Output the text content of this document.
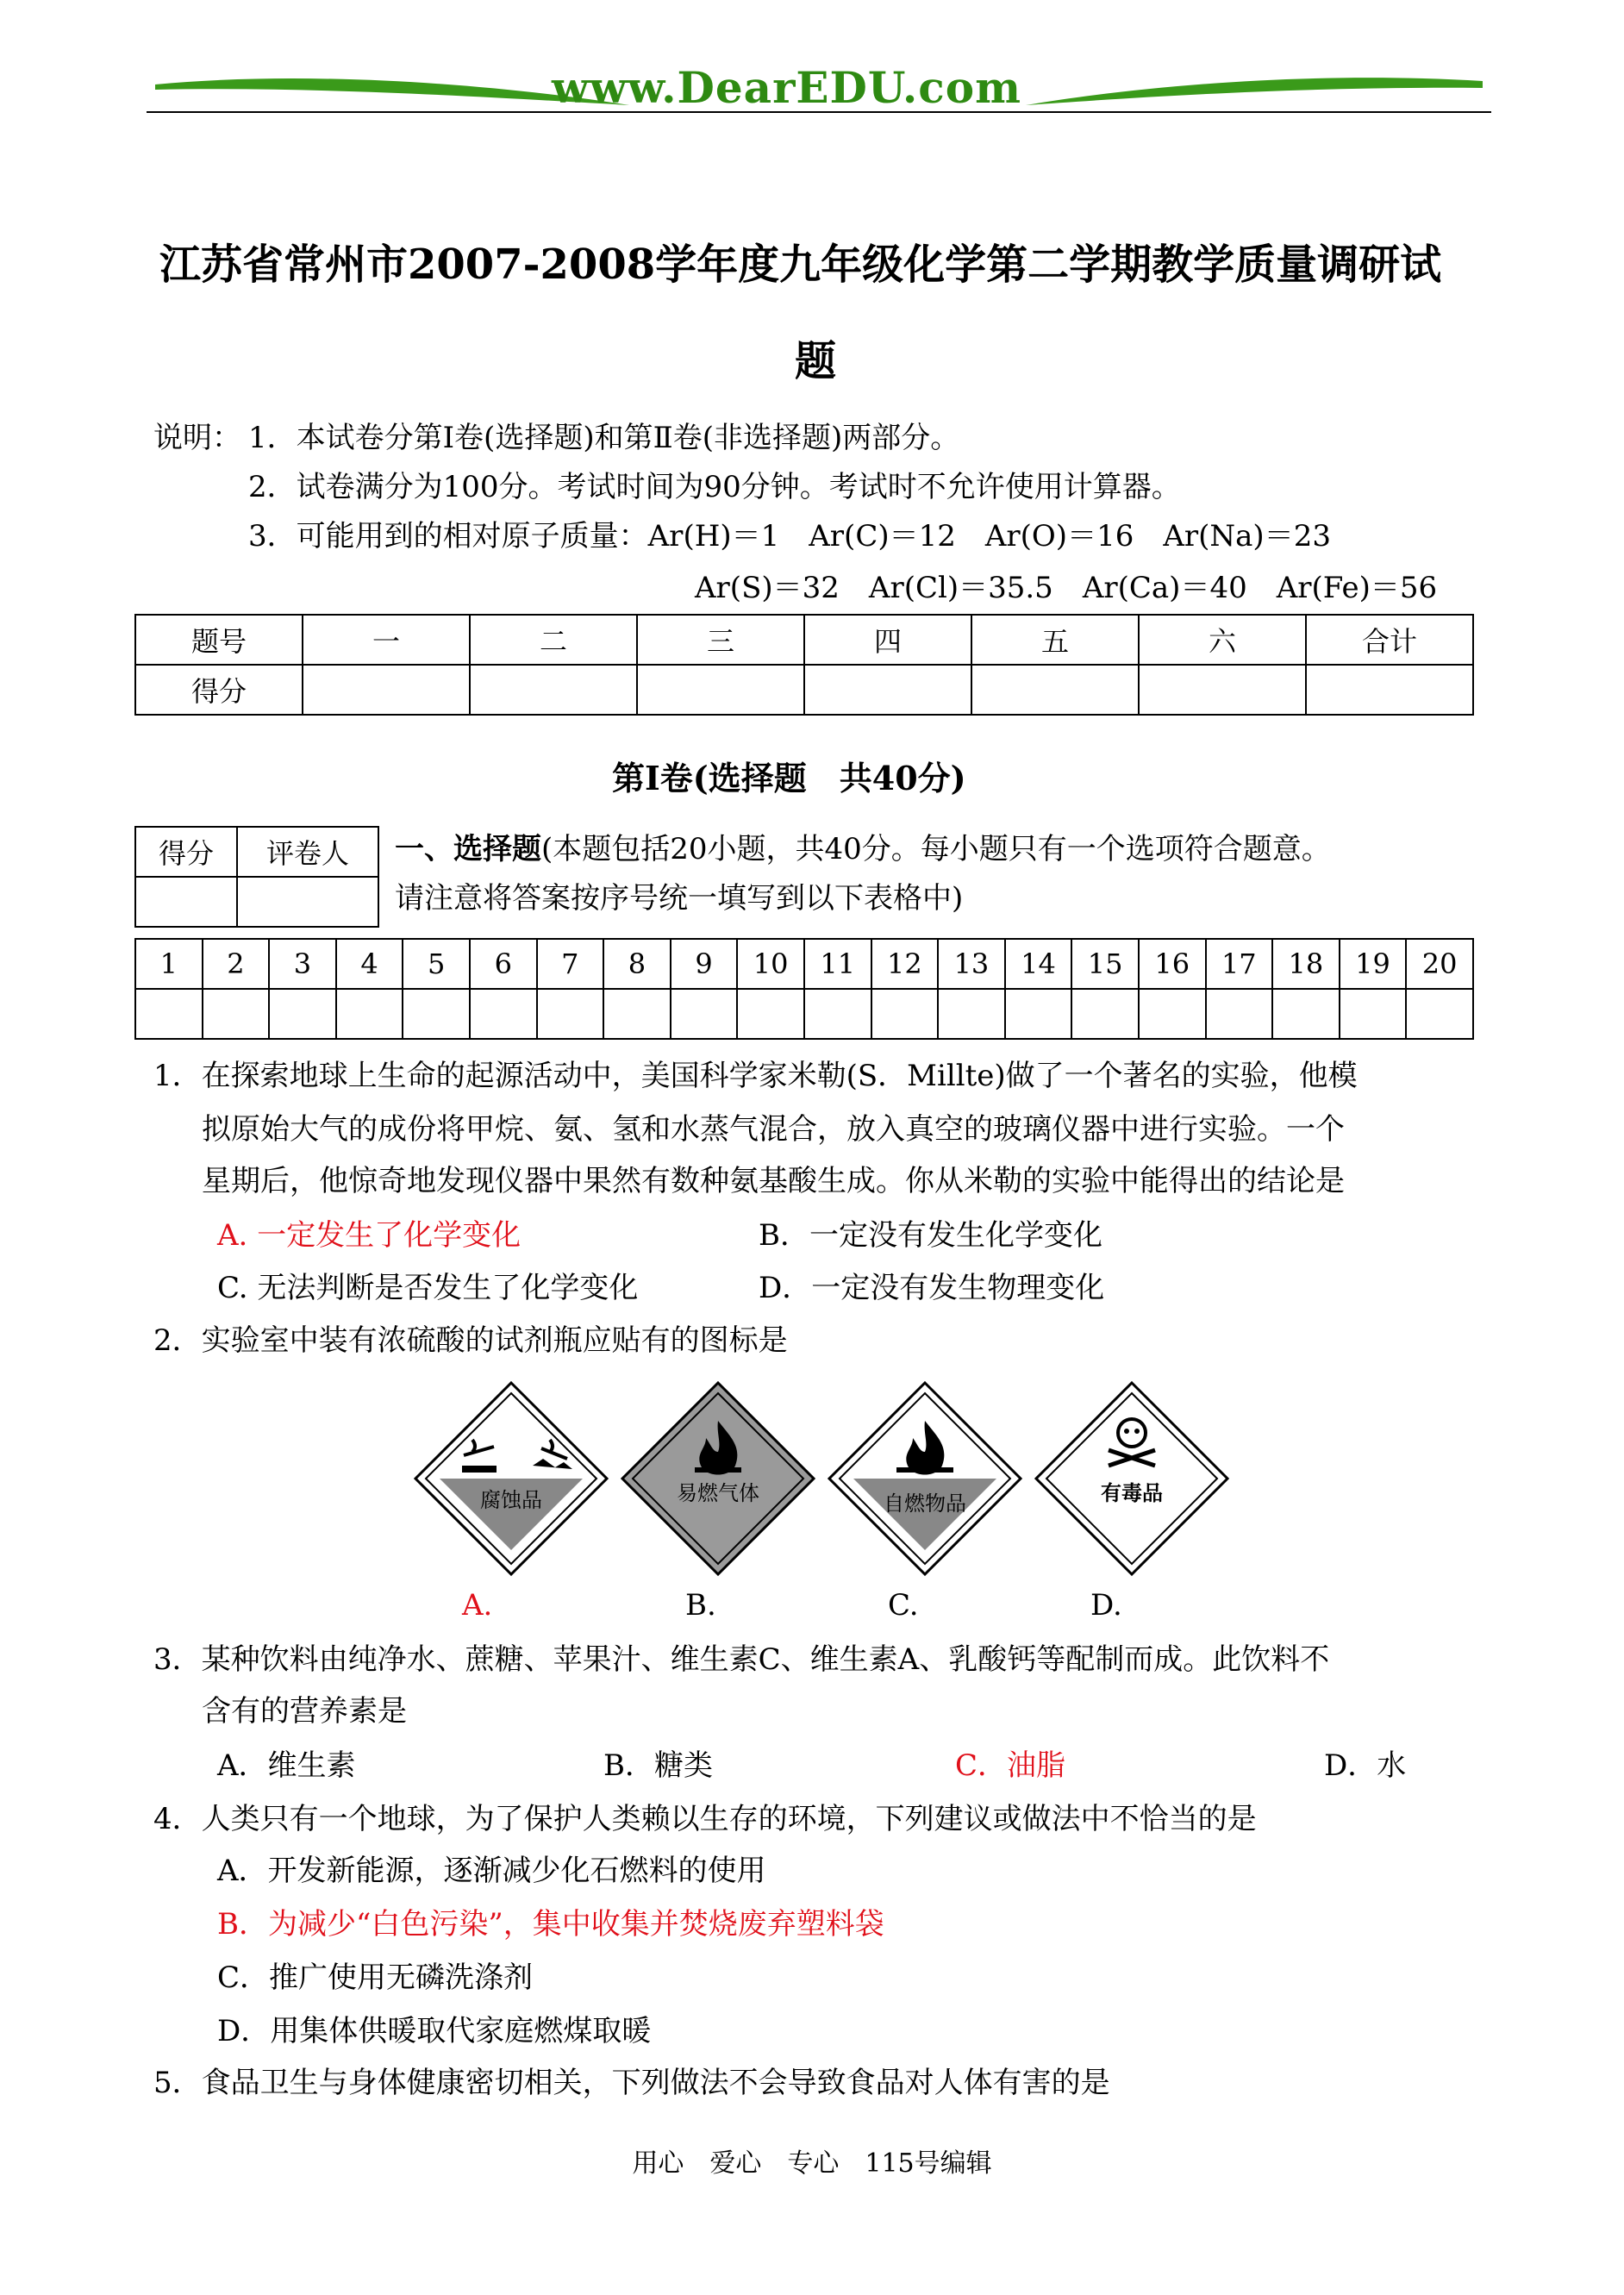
www.DearEDU.com
江苏省常州市2007-2008学年度九年级化学第二学期教学质量调研试
题
说明： 1．本试卷分第Ⅰ卷(选择题)和第Ⅱ卷(非选择题)两部分。
2．试卷满分为100分。考试时间为90分钟。考试时不允许使用计算器。
3．可能用到的相对原子质量：Ar(H)＝1　Ar(C)＝12　Ar(O)＝16　Ar(Na)＝23
Ar(S)＝32　Ar(Cl)＝35.5　Ar(Ca)＝40　Ar(Fe)＝56
题号	一	二	三	四	五	六	合计
得分							
第Ⅰ卷(选择题　共40分)
得分	评卷人
	一、选择题(本题包括20小题，共40分。每小题只有一个选项符合题意。
请注意将答案按序号统一填写到以下表格中)
1	2	3	4	5	6	7	8	9	10	11	12	13	14	15	16	17	18	19	20

1．在探索地球上生命的起源活动中，美国科学家米勒(S．Millte)做了一个著名的实验，他模
拟原始大气的成份将甲烷、氨、氢和水蒸气混合，放入真空的玻璃仪器中进行实验。一个
星期后，他惊奇地发现仪器中果然有数种氨基酸生成。你从米勒的实验中能得出的结论是
A. 一定发生了化学变化	B．一定没有发生化学变化
C. 无法判断是否发生了化学变化	D．一定没有发生物理变化
2．实验室中装有浓硫酸的试剂瓶应贴有的图标是
腐蚀品	易燃气体	自燃物品	有毒品
A.	B.	C.	D.
3．某种饮料由纯净水、蔗糖、苹果汁、维生素C、维生素A、乳酸钙等配制而成。此饮料不
含有的营养素是
A．维生素	B．糖类	C．油脂	D．水
4．人类只有一个地球，为了保护人类赖以生存的环境，下列建议或做法中不恰当的是
A．开发新能源，逐渐减少化石燃料的使用
B．为减少“白色污染”，集中收集并焚烧废弃塑料袋
C．推广使用无磷洗涤剂
D．用集体供暖取代家庭燃煤取暖
5．食品卫生与身体健康密切相关，下列做法不会导致食品对人体有害的是
用心　爱心　专心　115号编辑
